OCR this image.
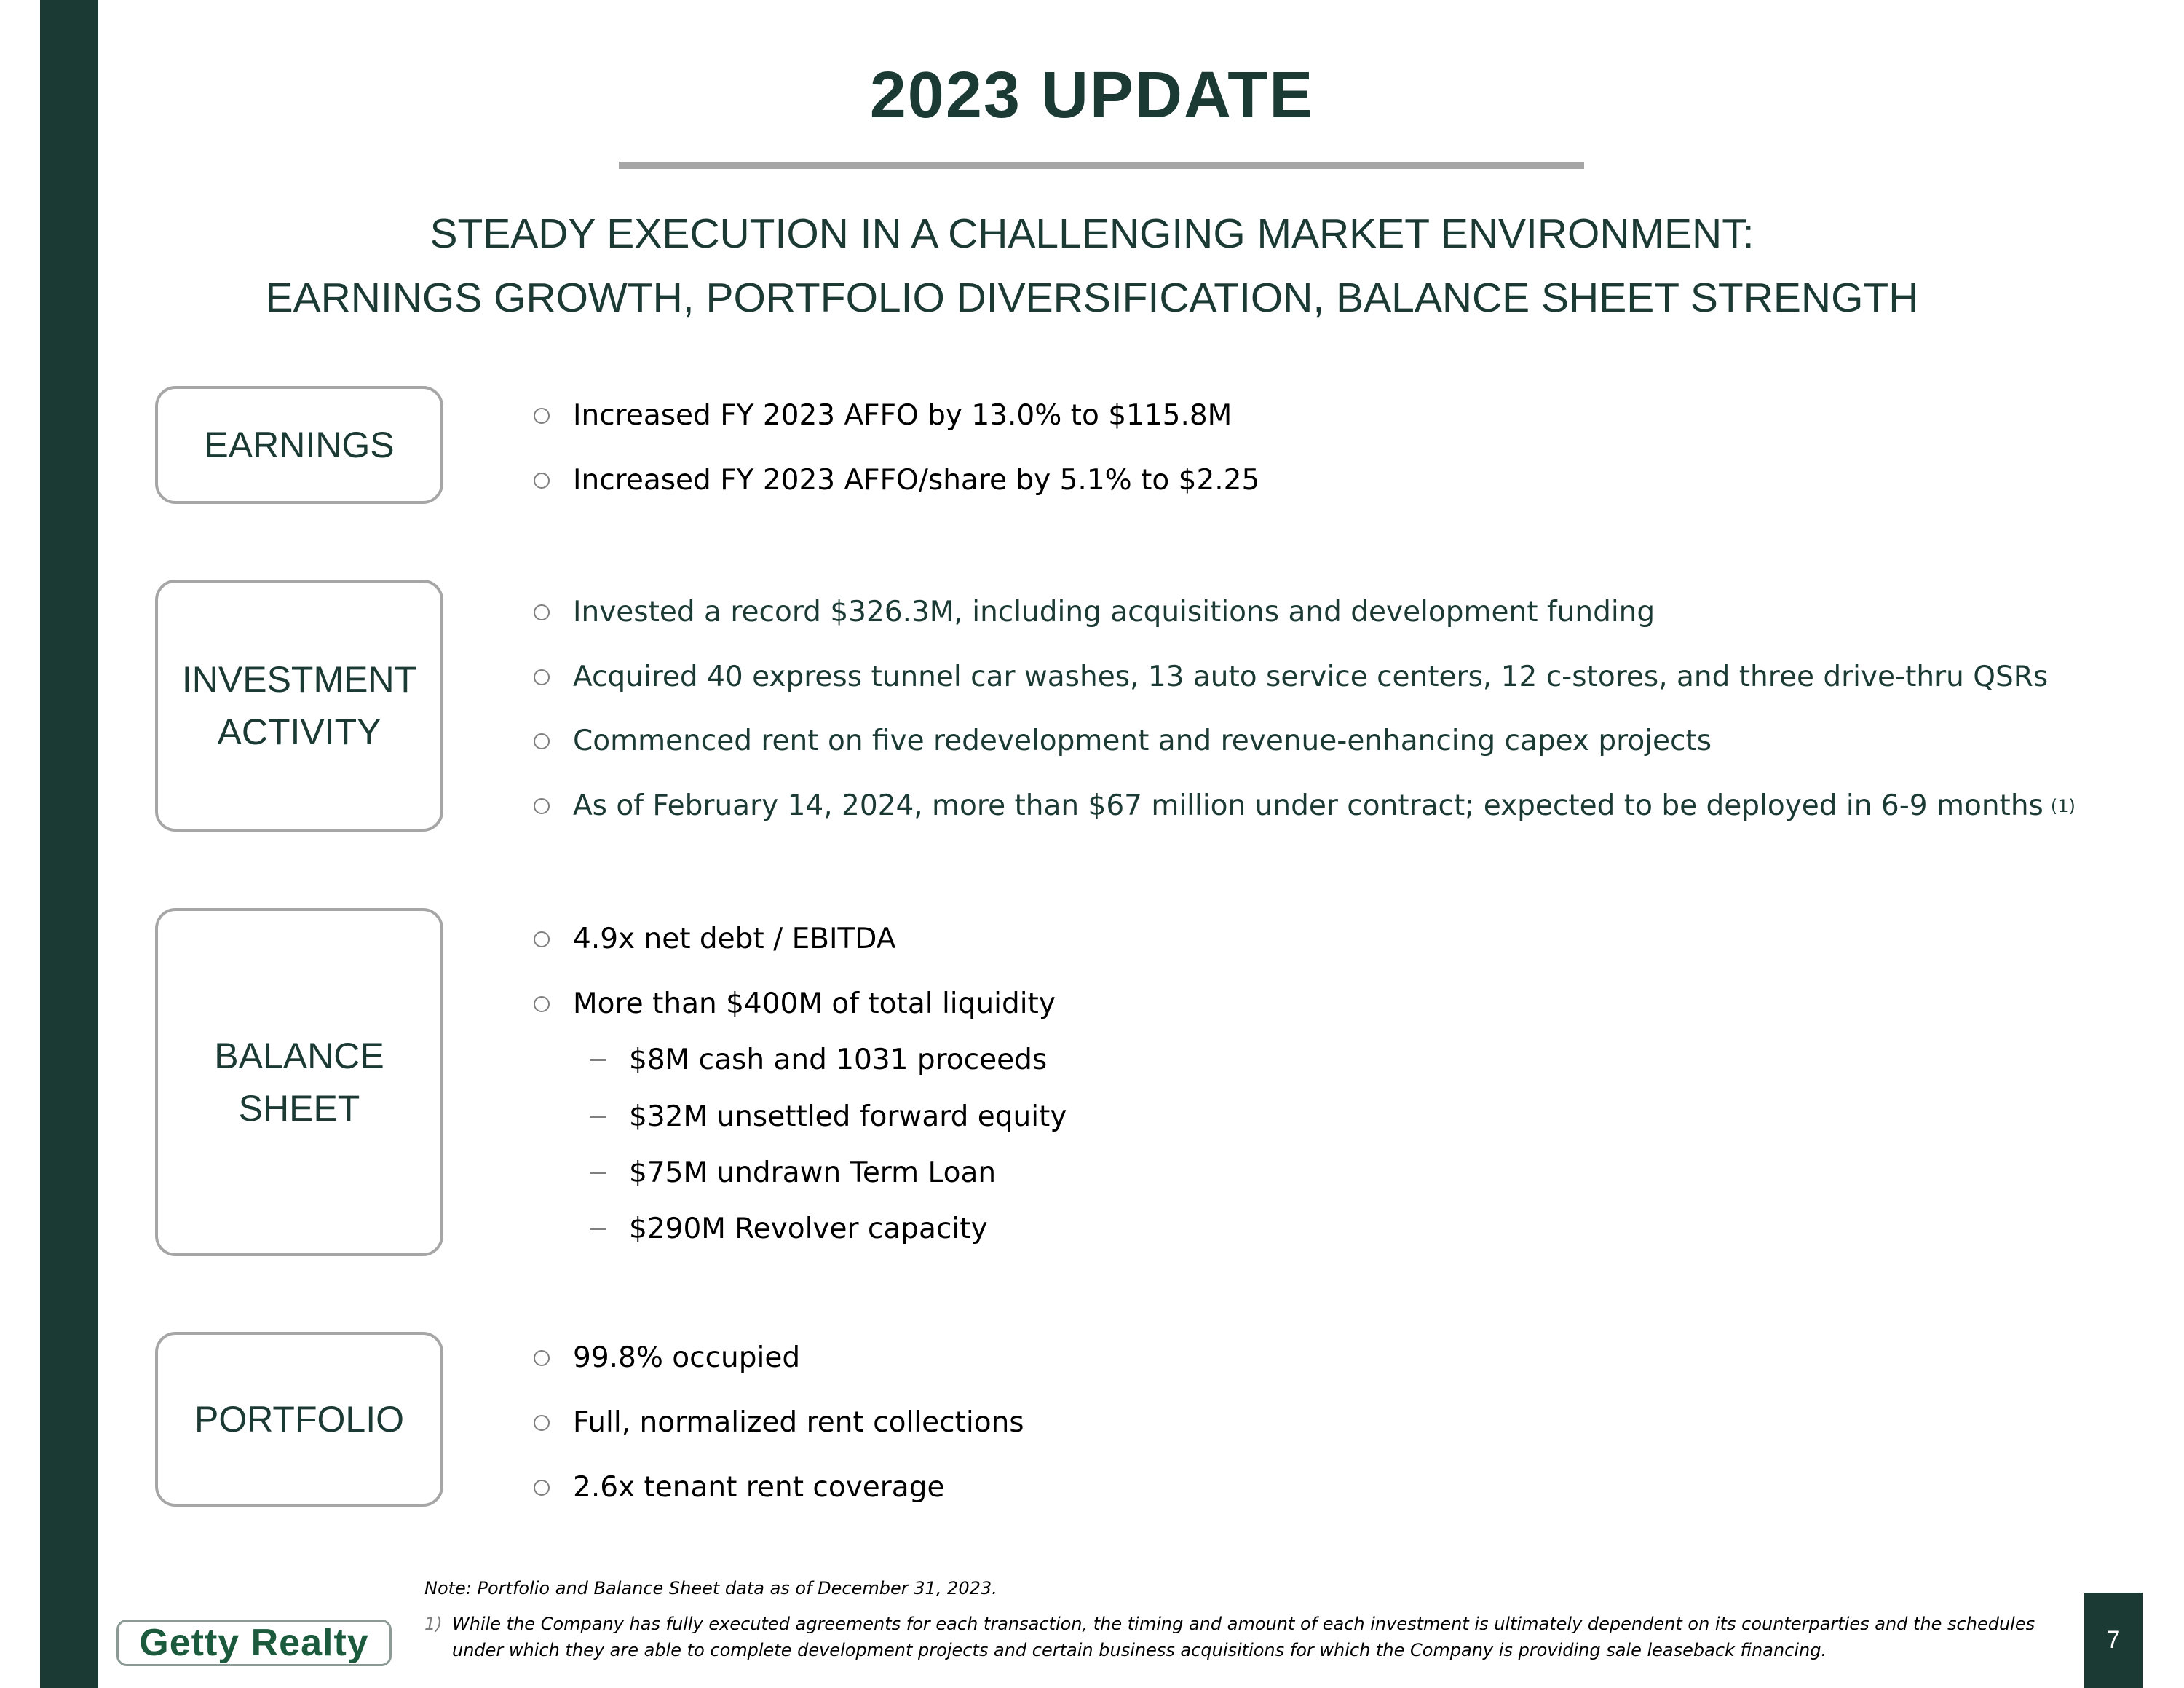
2023 UPDATE
STEADY EXECUTION IN A CHALLENGING MARKET ENVIRONMENT:
EARNINGS GROWTH, PORTFOLIO DIVERSIFICATION, BALANCE SHEET STRENGTH
EARNINGS
Increased FY 2023 AFFO by 13.0% to $115.8M
Increased FY 2023 AFFO/share by 5.1% to $2.25
INVESTMENT
ACTIVITY
Invested a record $326.3M, including acquisitions and development funding
Acquired 40 express tunnel car washes, 13 auto service centers, 12 c-stores, and three drive-thru QSRs
Commenced rent on five redevelopment and revenue-enhancing capex projects
As of February 14, 2024, more than $67 million under contract; expected to be deployed in 6-9 months (1)
BALANCE
SHEET
4.9x net debt / EBITDA
More than $400M of total liquidity
$8M cash and 1031 proceeds
$32M unsettled forward equity
$75M undrawn Term Loan
$290M Revolver capacity
PORTFOLIO
99.8% occupied
Full, normalized rent collections
2.6x tenant rent coverage
Note: Portfolio and Balance Sheet data as of December 31, 2023.
1) While the Company has fully executed agreements for each transaction, the timing and amount of each investment is ultimately dependent on its counterparties and the schedules under which they are able to complete development projects and certain business acquisitions for which the Company is providing sale leaseback financing.
Getty Realty	7
